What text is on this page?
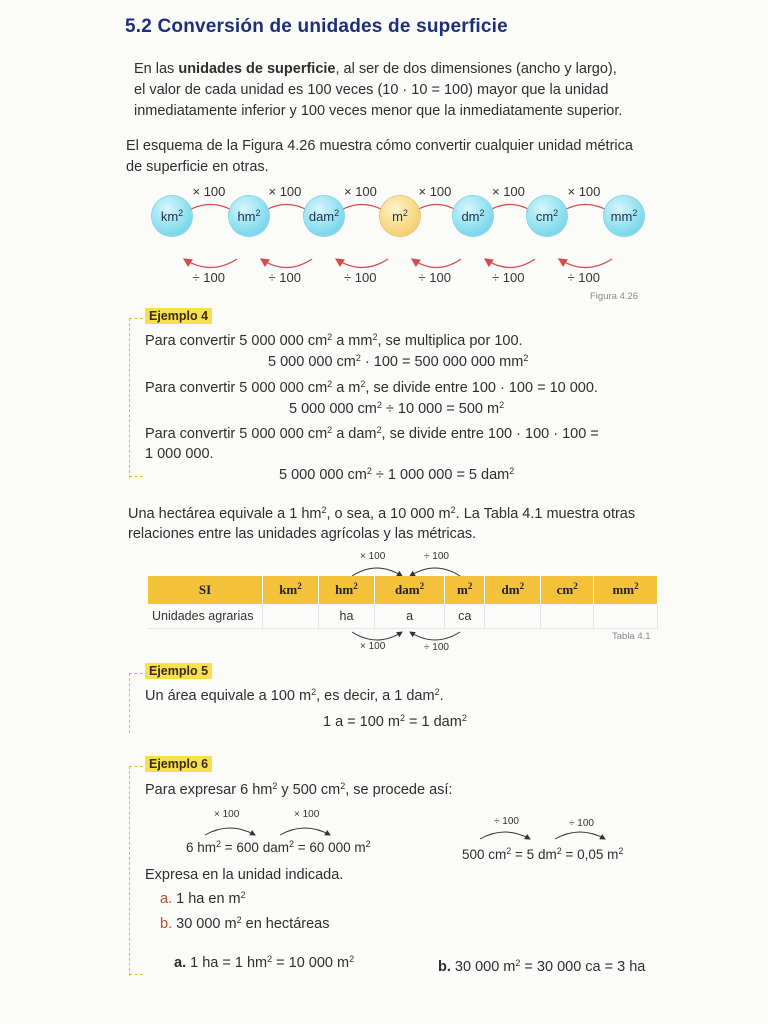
5.2 Conversión de unidades de superficie
En las unidades de superficie, al ser de dos dimensiones (ancho y largo),
el valor de cada unidad es 100 veces (10 · 10 = 100) mayor que la unidad
inmediatamente inferior y 100 veces menor que la inmediatamente superior.
El esquema de la Figura 4.26 muestra cómo convertir cualquier unidad métrica
de superficie en otras.
× 100
÷ 100
× 100
÷ 100
× 100
÷ 100
× 100
÷ 100
× 100
÷ 100
× 100
÷ 100
$km^2$	$hm^2$	dam$^2$	$m^2$	$dm^2$	$cm^2$	$mm^2$
Figura 4.26
Ejemplo 4
Para convertir 5 000 000 $cm^2$ a $mm^2$, se multiplica por 100.
5 000 000 $cm^2 \cdot 100 = 500$ 000 000 $mm^2$
Para convertir 5 000 000 $cm^2$ a $m^2$, se divide entre 100 · 100 = 10 000.
5 000 000 $cm^2 \div 10$ 000 = 500 $m^2$
Para convertir 5 000 000 $cm^2$ a dam$^2$, se divide entre 100 · 100 · 100 =
1 000 000.
5 000 000 $cm^2 \div 1$ 000 000 = 5 dam$^2$
Una hectárea equivale a 1 $hm^2$, o sea, a 10 000 $m^2$. La Tabla 4.1 muestra otras
relaciones entre las unidades agrícolas y las métricas.
× 100	÷ 100
× 100	÷ 100
SI	$km^2$	$hm^2$	dam$^2$	$m^2$	$dm^2$	$cm^2$	$mm^2$
Unidades agrarias		ha	a	ca			
Tabla 4.1
Ejemplo 5
Un área equivale a 100 $m^2$, es decir, a 1 dam$^2$.
1 a = 100 $m^2 = 1$ dam$^2$
Ejemplo 6
Para expresar 6 $hm^2$ y 500 $cm^2$, se procede así:
× 100	× 100
÷ 100	÷ 100
6 $hm^2 = 600$ dam$^2$ = 60 000 $m^2$
500 $cm^2 = 5$ $dm^2 = 0,05$ $m^2$
Expresa en la unidad indicada.
a. 1 ha en $m^2$
b. 30 000 $m^2$ en hectáreas
a. 1 ha = 1 $hm^2 = 10$ 000 $m^2$	b. 30 000 $m^2 = 30$ 000 ca = 3 ha
